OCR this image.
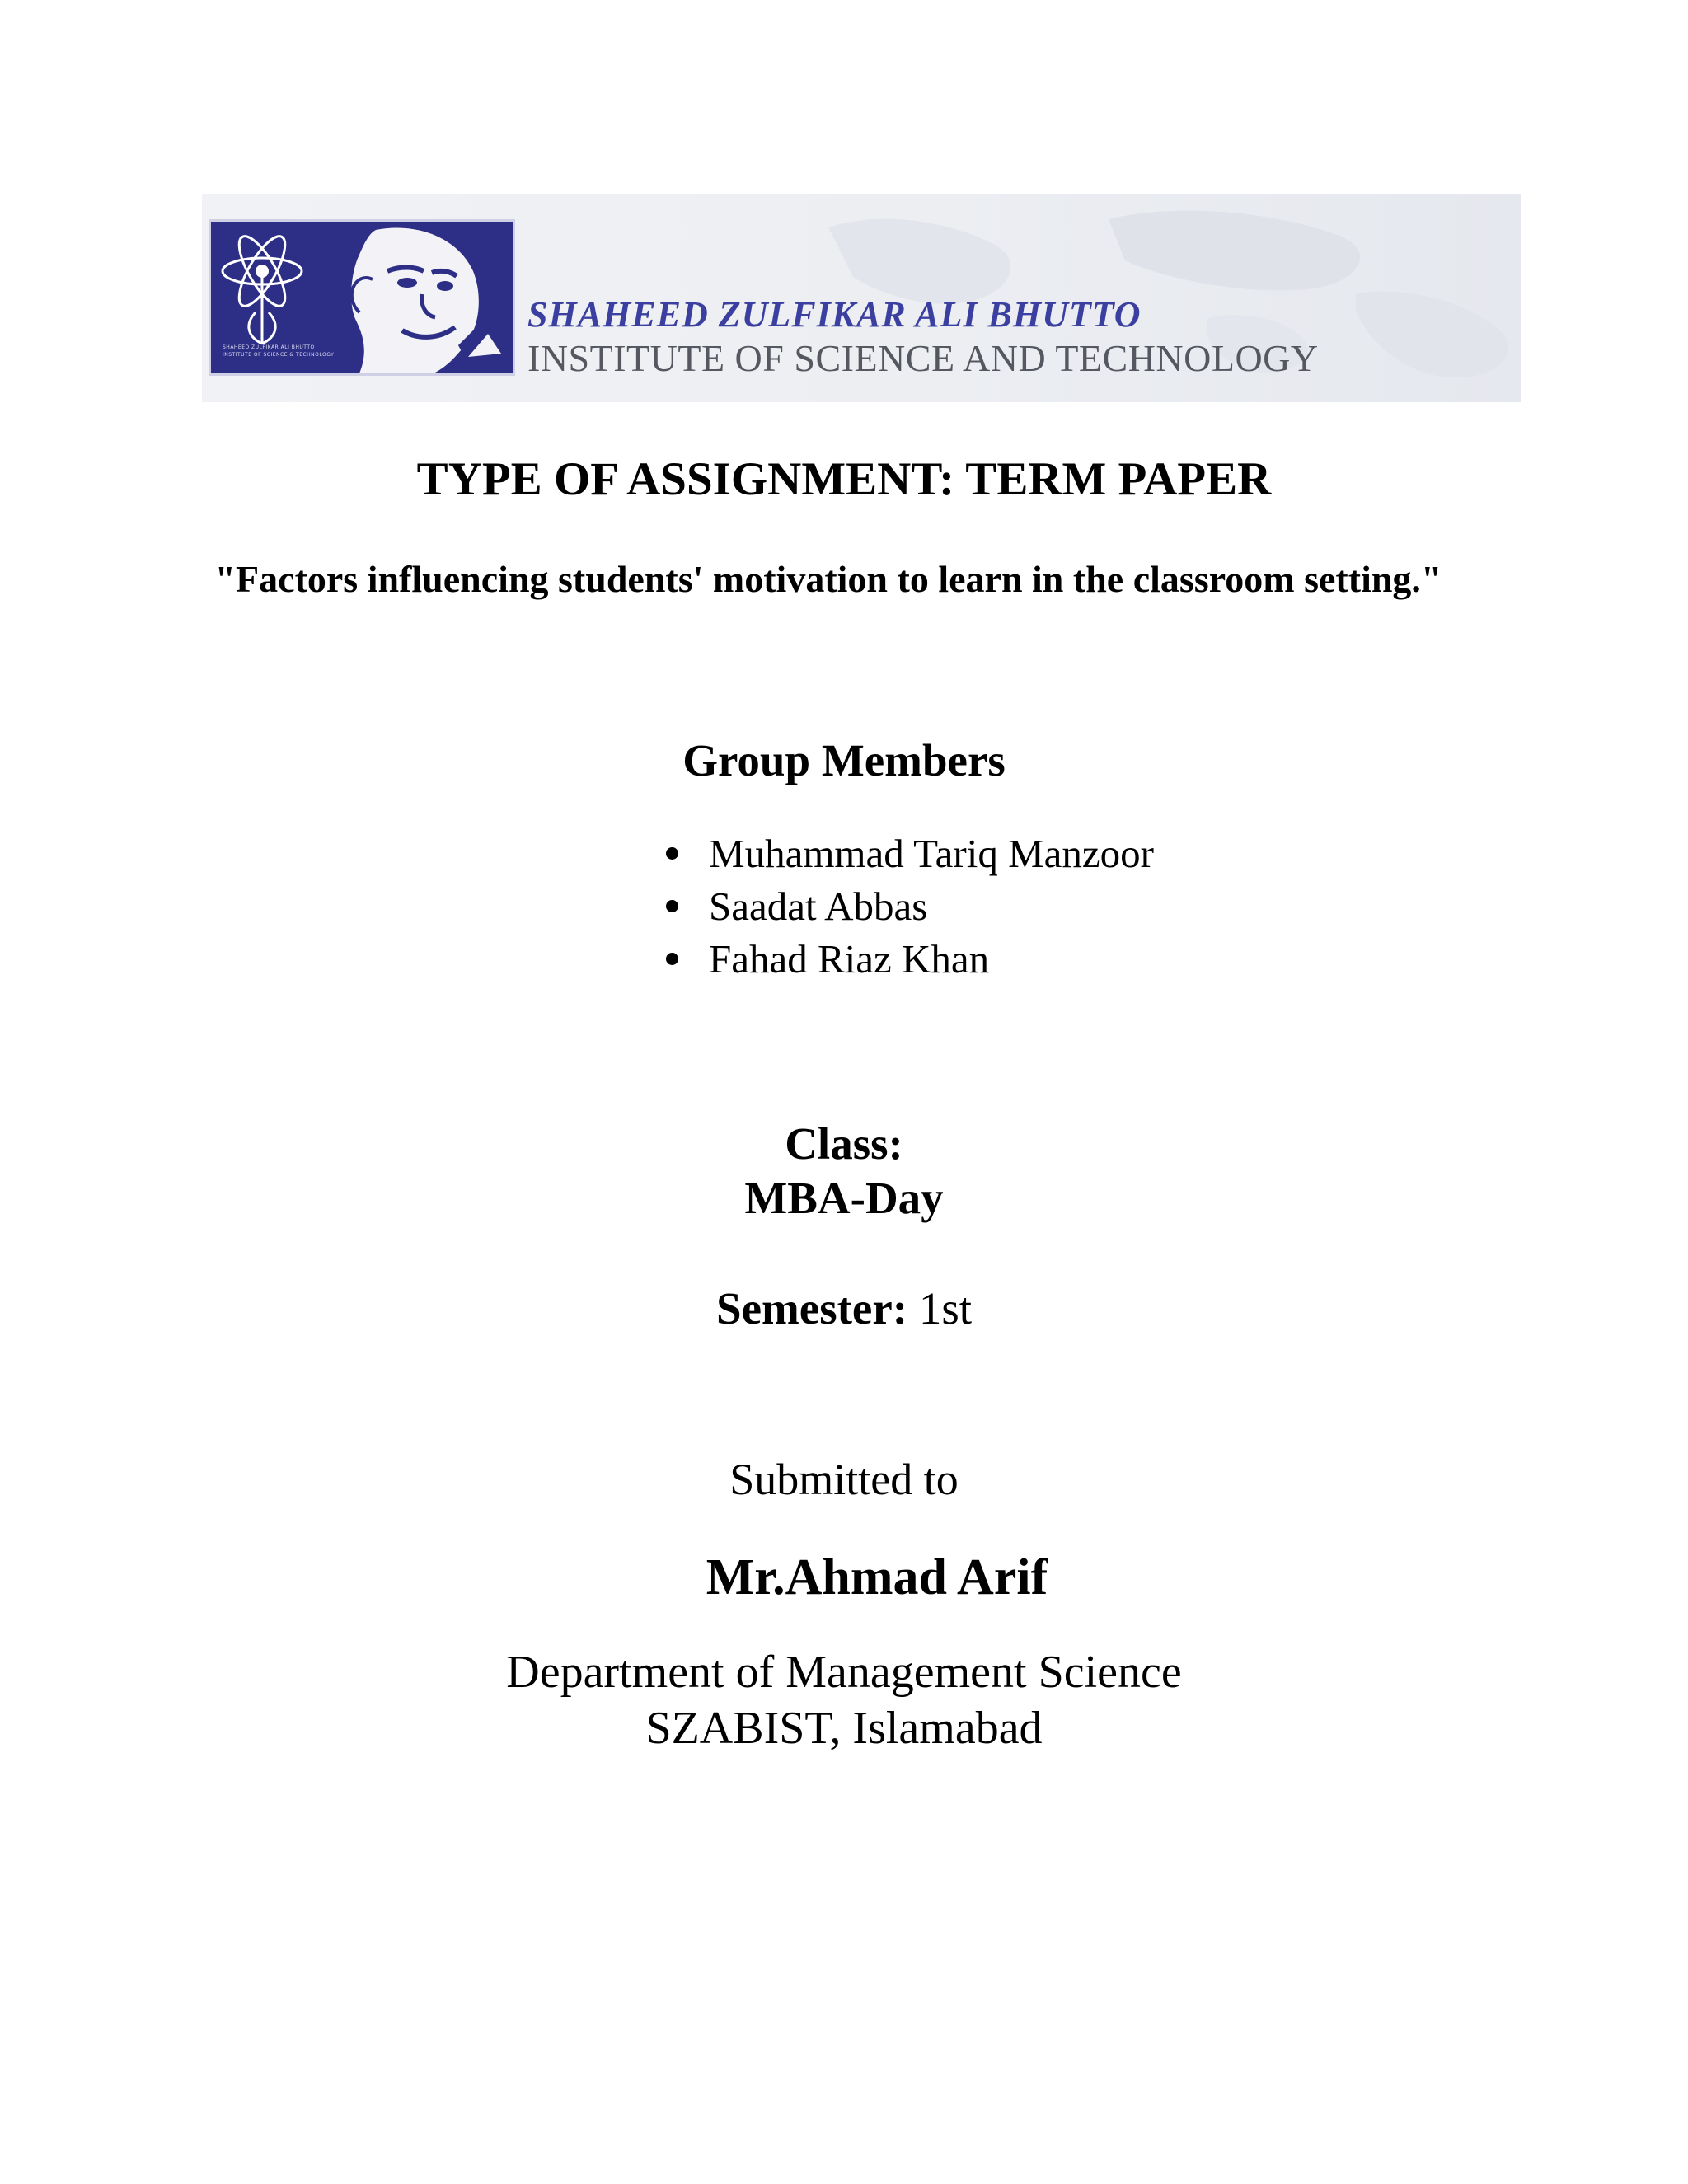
SHAHEED ZULFIKAR ALI BHUTTO
INSTITUTE OF SCIENCE & TECHNOLOGY
SHAHEED ZULFIKAR ALI BHUTTO
INSTITUTE OF SCIENCE AND TECHNOLOGY
TYPE OF ASSIGNMENT: TERM PAPER
"Factors influencing students' motivation to learn in the classroom setting."
Group Members
Muhammad Tariq Manzoor
Saadat Abbas
Fahad Riaz Khan
Class:
MBA-Day
Semester: 1st
Submitted to
Mr.Ahmad Arif
Department of Management Science
SZABIST, Islamabad
